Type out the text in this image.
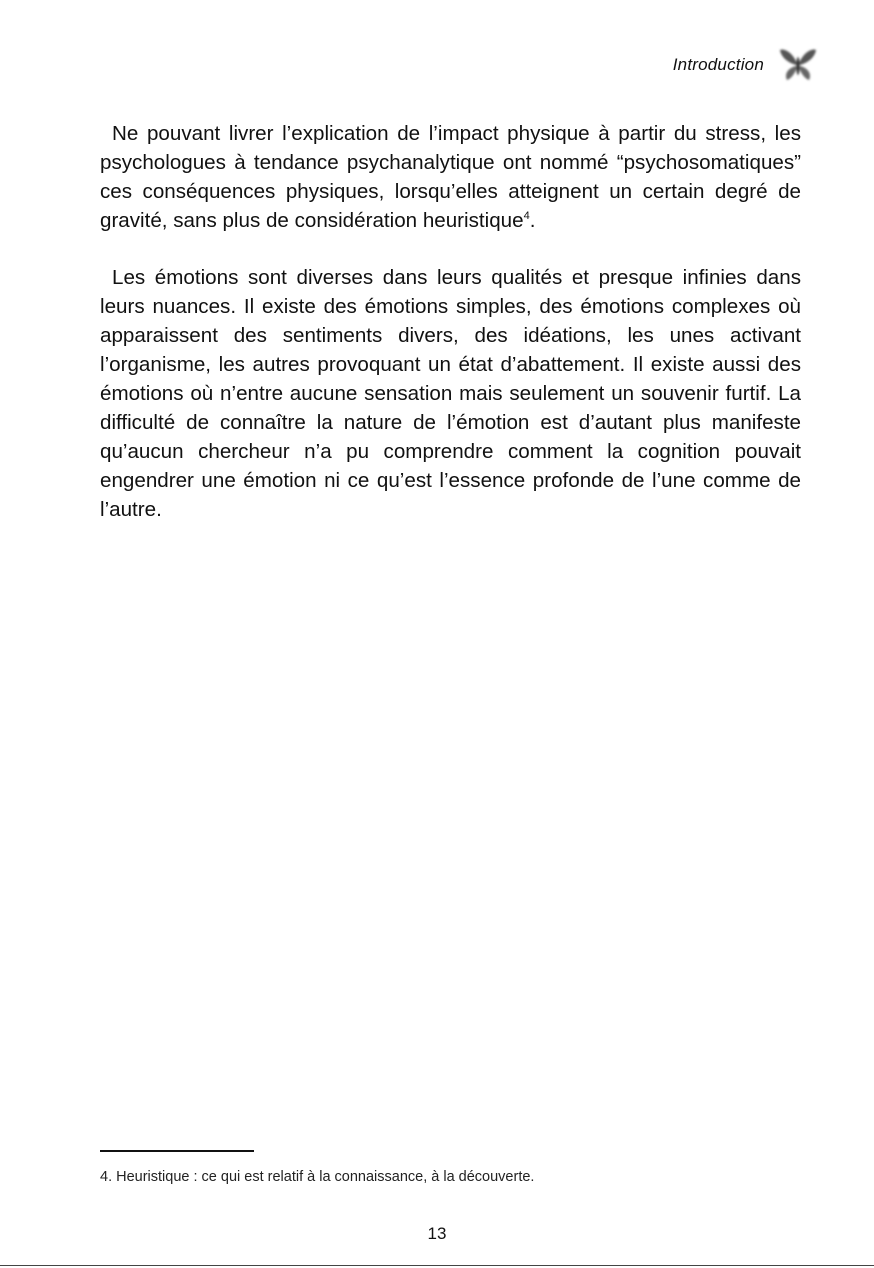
Introduction

Ne pouvant livrer l’explication de l’impact physique à partir du stress, les psychologues à tendance psychanalytique ont nommé “psychosomatiques” ces conséquences physiques, lorsqu’elles atteignent un certain degré de gravité, sans plus de considération heuristique$^4$.

Les émotions sont diverses dans leurs qualités et presque infinies dans leurs nuances. Il existe des émotions simples, des émotions complexes où apparaissent des sentiments divers, des idéations, les unes activant l’organisme, les autres provoquant un état d’abattement. Il existe aussi des émotions où n’entre aucune sensation mais seulement un souvenir furtif. La difficulté de connaître la nature de l’émotion est d’autant plus manifeste qu’aucun chercheur n’a pu comprendre comment la cognition pouvait engendrer une émotion ni ce qu’est l’essence profonde de l’une comme de l’autre.

4. Heuristique : ce qui est relatif à la connaissance, à la découverte.
13
